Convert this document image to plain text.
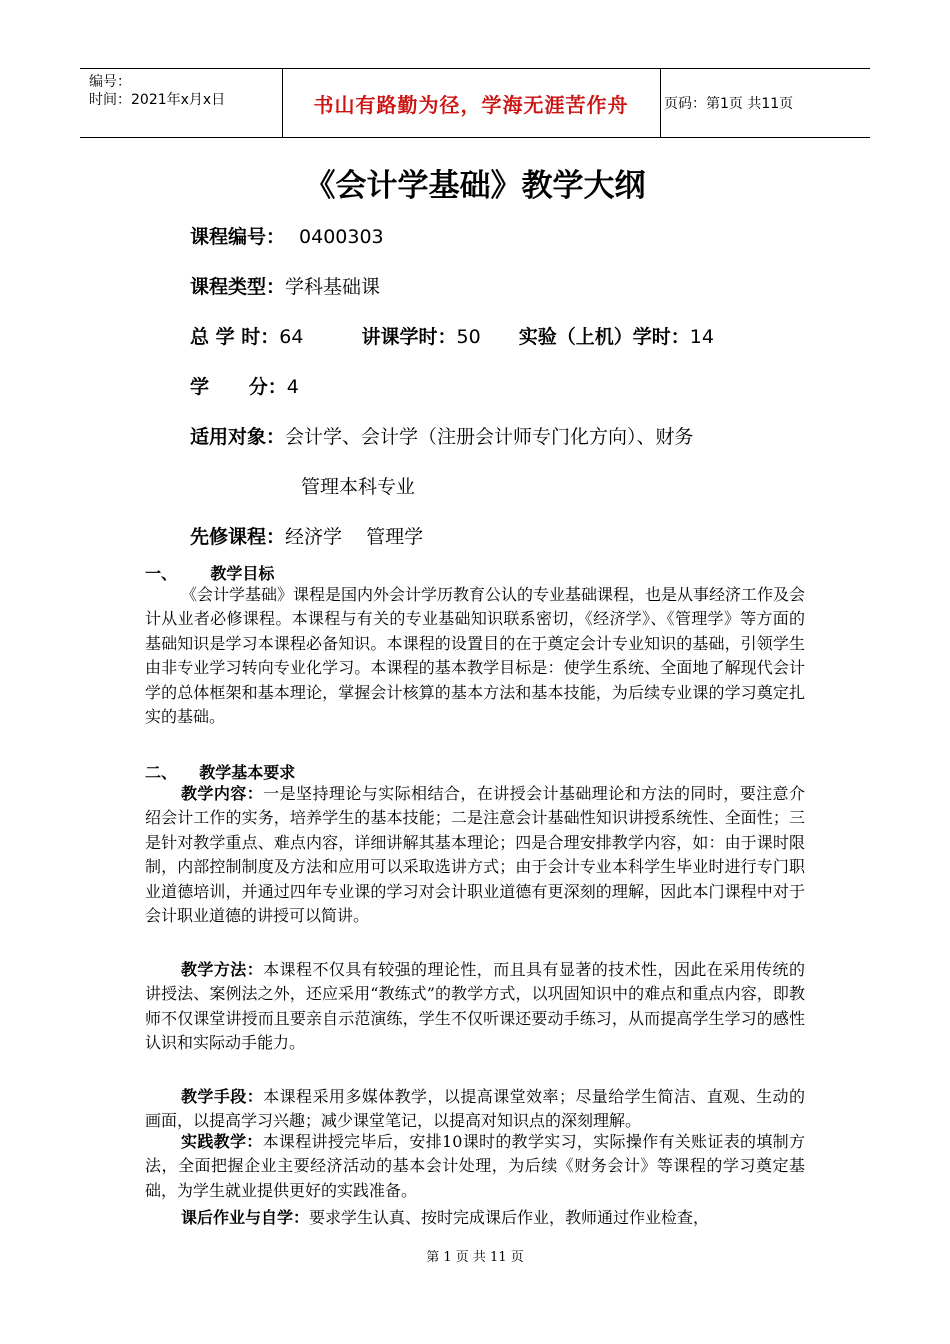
编号：
时间：2021年x月x日	书山有路勤为径，学海无涯苦作舟	页码：第1页 共11页
《会计学基础》教学大纲
课程编号： 0400303
课程类型：学科基础课
总 学 时：64	讲课学时：50 实验（上机）学时：14
学      分：4
适用对象：会计学、会计学（注册会计师专门化方向）、财务
管理本科专业
先修课程：经济学    管理学
一、      教学目标
《会计学基础》课程是国内外会计学历教育公认的专业基础课程，也是从事经济工作及会计从业者必修课程。本课程与有关的专业基础知识联系密切，《经济学》、《管理学》等方面的基础知识是学习本课程必备知识。本课程的设置目的在于奠定会计专业知识的基础，引领学生由非专业学习转向专业化学习。本课程的基本教学目标是：使学生系统、全面地了解现代会计学的总体框架和基本理论，掌握会计核算的基本方法和基本技能，为后续专业课的学习奠定扎实的基础。
二、    教学基本要求
教学内容：一是坚持理论与实际相结合，在讲授会计基础理论和方法的同时，要注意介绍会计工作的实务，培养学生的基本技能；二是注意会计基础性知识讲授系统性、全面性；三是针对教学重点、难点内容，详细讲解其基本理论；四是合理安排教学内容，如：由于课时限制，内部控制制度及方法和应用可以采取选讲方式；由于会计专业本科学生毕业时进行专门职业道德培训，并通过四年专业课的学习对会计职业道德有更深刻的理解，因此本门课程中对于会计职业道德的讲授可以简讲。
教学方法：本课程不仅具有较强的理论性，而且具有显著的技术性，因此在采用传统的讲授法、案例法之外，还应采用“教练式”的教学方式，以巩固知识中的难点和重点内容，即教师不仅课堂讲授而且要亲自示范演练，学生不仅听课还要动手练习，从而提高学生学习的感性认识和实际动手能力。
教学手段：本课程采用多媒体教学，以提高课堂效率；尽量给学生简洁、直观、生动的画面，以提高学习兴趣；减少课堂笔记，以提高对知识点的深刻理解。
实践教学：本课程讲授完毕后，安排10课时的教学实习，实际操作有关账证表的填制方法，全面把握企业主要经济活动的基本会计处理，为后续《财务会计》等课程的学习奠定基础，为学生就业提供更好的实践准备。
课后作业与自学：要求学生认真、按时完成课后作业，教师通过作业检查，
第 1 页 共 11 页
